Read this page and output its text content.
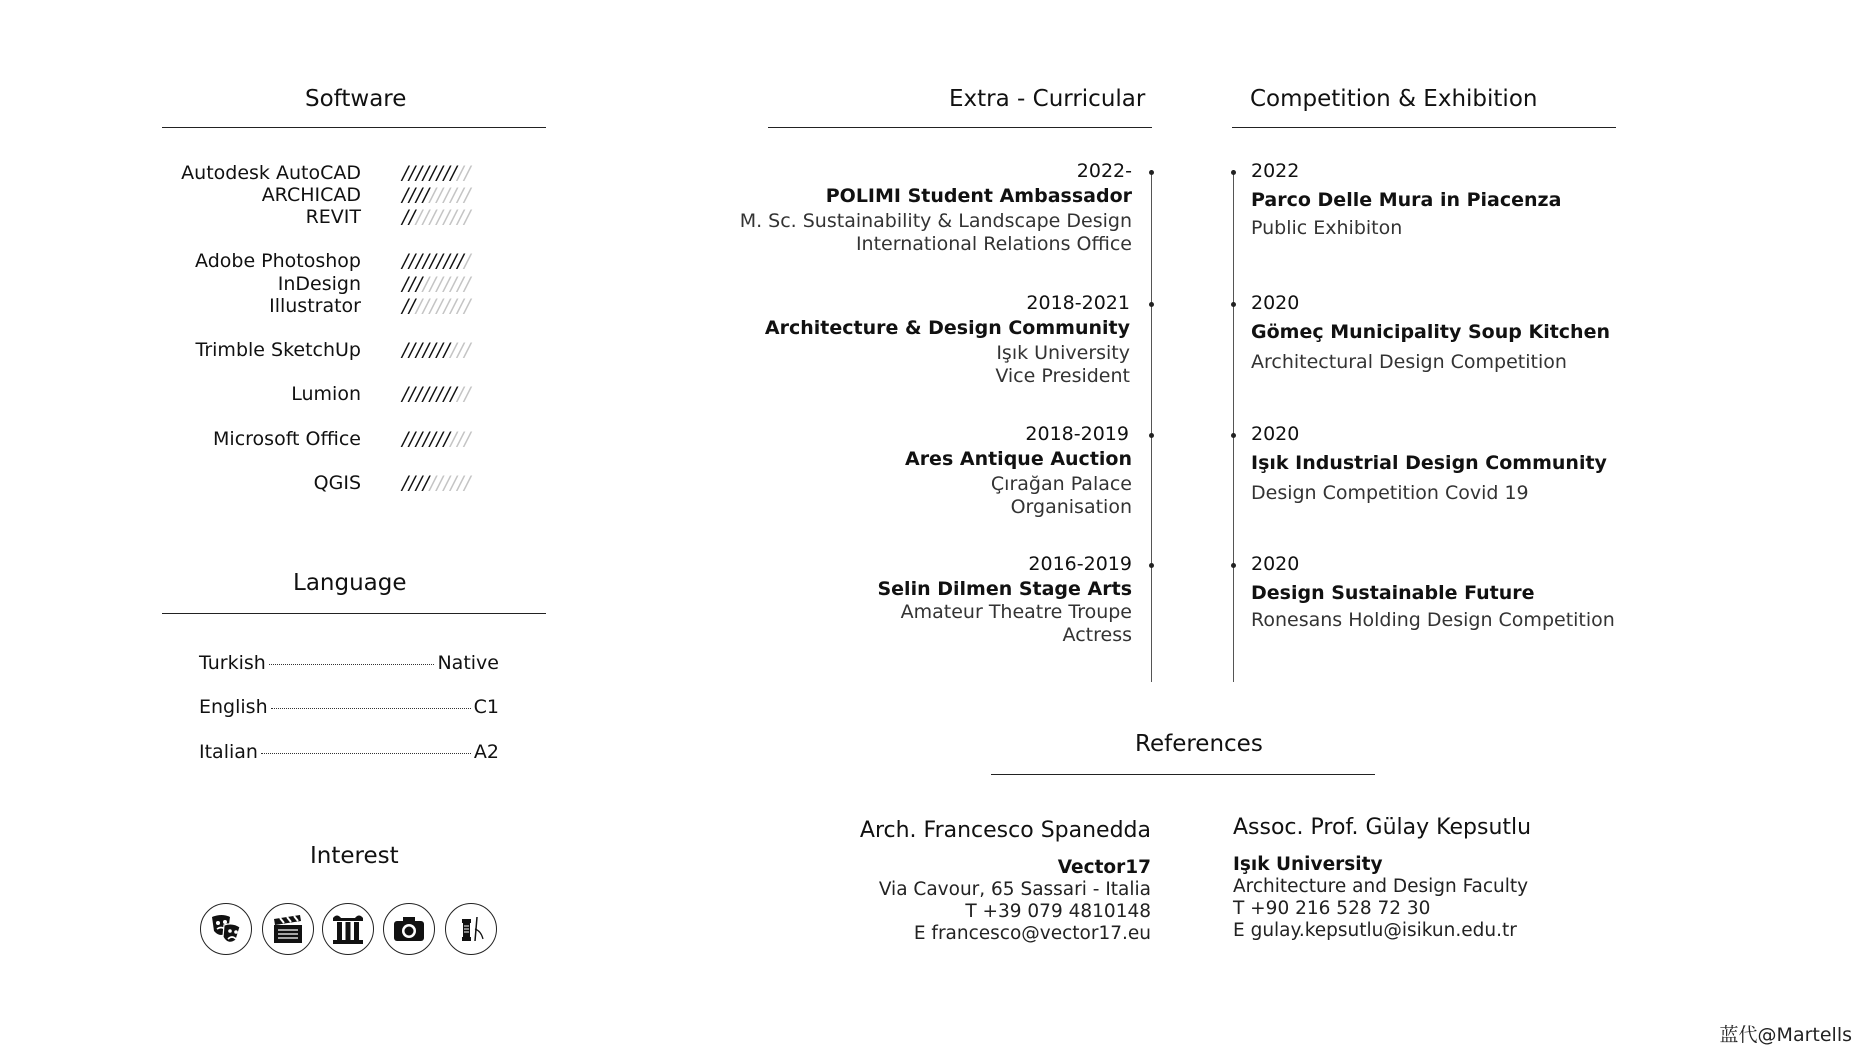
Software
Autodesk AutoCAD //////////
ARCHICAD //////////
REVIT //////////
Adobe Photoshop //////////
InDesign //////////
Illustrator //////////
Trimble SketchUp //////////
Lumion //////////
Microsoft Office //////////
QGIS //////////
Language
Turkish	Native
English	C1
Italian	A2
Interest
Extra - Curricular
2022-
POLIMI Student Ambassador
M. Sc. Sustainability & Landscape Design
International Relations Office
2018-2021
Architecture & Design Community
Işık University
Vice President
2018-2019
Ares Antique Auction
Çırağan Palace
Organisation
2016-2019
Selin Dilmen Stage Arts
Amateur Theatre Troupe
Actress
Competition & Exhibition
2022
Parco Delle Mura in Piacenza
Public Exhibiton
2020
Gömeç Municipality Soup Kitchen
Architectural Design Competition
2020
Işık Industrial Design Community
Design Competition Covid 19
2020
Design Sustainable Future
Ronesans Holding Design Competition
References
Arch. Francesco Spanedda
Vector17
Via Cavour, 65 Sassari - Italia
T +39 079 4810148
E francesco@vector17.eu
Assoc. Prof. Gülay Kepsutlu
Işık University
Architecture and Design Faculty
T +90 216 528 72 30
E gulay.kepsutlu@isikun.edu.tr
蓝代@Martells
